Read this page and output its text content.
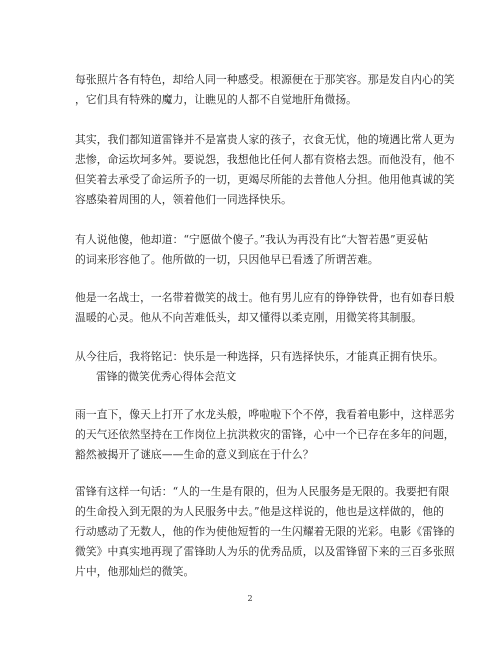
每张照片各有特色，却给人同一种感受。根源便在于那笑容。那是发自内心的笑
，它们具有特殊的魔力，让瞧见的人都不自觉地肝角微扬。
其实，我们都知道雷锋并不是富贵人家的孩子，衣食无忧，他的境遇比常人更为
悲惨，命运坎坷多舛。要说怨，我想他比任何人都有资格去怨。而他没有，他不
但笑着去承受了命运所予的一切，更竭尽所能的去普他人分担。他用他真诚的笑
容感染着周围的人，领着他们一同选择快乐。
有人说他傻，他却道：“宁愿做个傻子。”我认为再没有比“大智若愚”更妥帖
的词来形容他了。他所做的一切，只因他早已看透了所谓苦难。
他是一名战士，一名带着微笑的战士。他有男儿应有的铮铮铁骨，也有如春日般
温暖的心灵。他从不向苦难低头，却又懂得以柔克刚，用微笑将其制服。
从今往后，我将铭记：快乐是一种选择，只有选择快乐，才能真正拥有快乐。
雷锋的微笑优秀心得体会范文
雨一直下，像天上打开了水龙头般，哗啦啦下个不停，我看着电影中，这样恶劣
的天气还依然坚持在工作岗位上抗洪救灾的雷锋，心中一个已存在多年的问题，
豁然被揭开了谜底——生命的意义到底在于什么？
雷锋有这样一句话：“人的一生是有限的，但为人民服务是无限的。我要把有限
的生命投入到无限的为人民服务中去。”他是这样说的，他也是这样做的，他的
行动感动了无数人，他的作为使他短暂的一生闪耀着无限的光彩。电影《雷锋的
微笑》中真实地再现了雷锋助人为乐的优秀品质，以及雷锋留下来的三百多张照
片中，他那灿烂的微笑。
2
